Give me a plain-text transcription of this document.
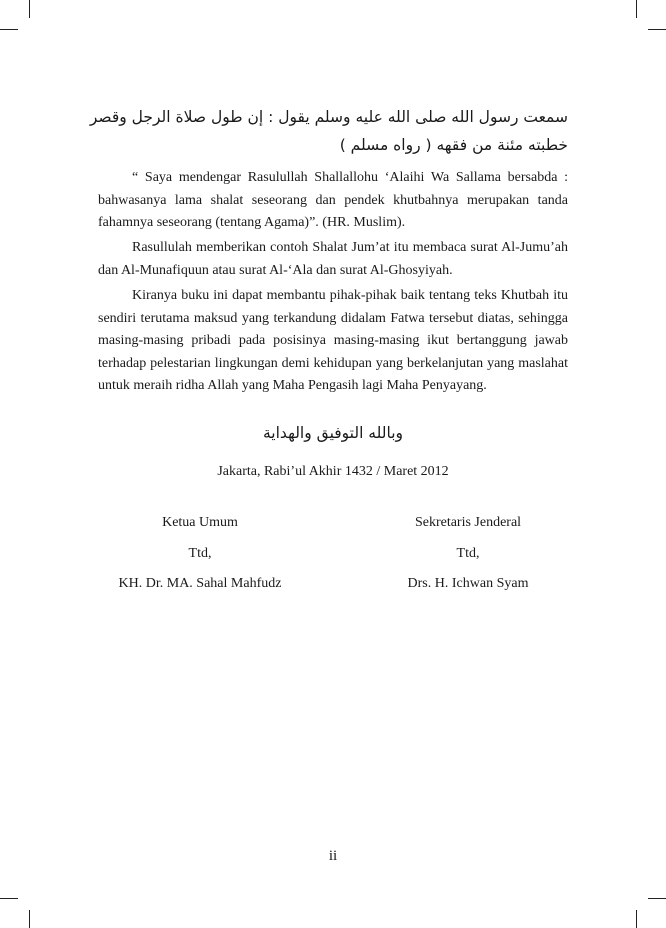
سمعت رسول الله صلى الله عليه وسلم يقول : إن طول صلاة الرجل وقصر
خطبته مئنة من فقهه ( رواه مسلم )

“ Saya mendengar Rasulullah Shallallohu ‘Alaihi Wa Sallama bersabda : bahwasanya lama shalat seseorang dan pendek khutbahnya merupakan tanda fahamnya seseorang (tentang Agama)”. (HR. Muslim).

Rasullulah memberikan contoh Shalat Jum’at itu membaca surat Al-Jumu’ah dan Al-Munafiquun atau surat Al-‘Ala dan surat Al-Ghosyiyah.

Kiranya buku ini dapat membantu pihak-pihak baik tentang teks Khutbah itu sendiri terutama maksud yang terkandung didalam Fatwa tersebut diatas, sehingga masing-masing pribadi pada posisinya masing-masing ikut bertanggung jawab terhadap pelestarian lingkungan demi kehidupan yang berkelanjutan yang maslahat untuk meraih ridha Allah yang Maha Pengasih lagi Maha Penyayang.

وبالله التوفيق والهداية
Jakarta, Rabi’ul Akhir 1432 / Maret 2012
Ketua Umum
Ttd,
KH. Dr. MA. Sahal Mahfudz
Sekretaris Jenderal
Ttd,
Drs. H. Ichwan Syam
ii
